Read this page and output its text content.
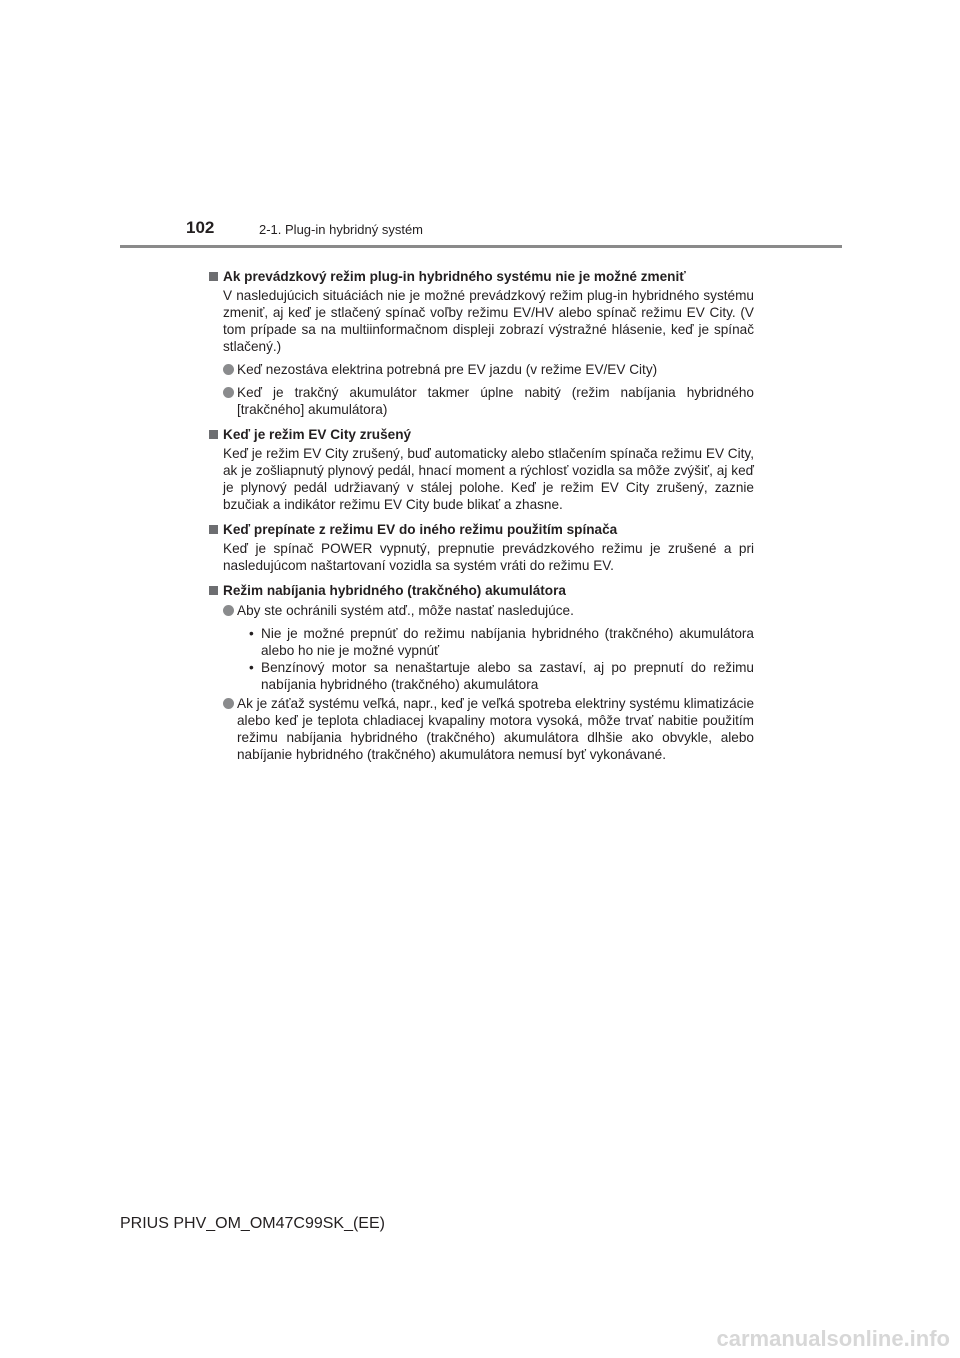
102	2-1. Plug-in hybridný systém
Ak prevádzkový režim plug-in hybridného systému nie je možné zmeniť
V nasledujúcich situáciách nie je možné prevádzkový režim plug-in hybridného systému zmeniť, aj keď je stlačený spínač voľby režimu EV/HV alebo spínač režimu EV City. (V tom prípade sa na multiinformačnom displeji zobrazí výstražné hlásenie, keď je spínač stlačený.)
Keď nezostáva elektrina potrebná pre EV jazdu (v režime EV/EV City)
Keď je trakčný akumulátor takmer úplne nabitý (režim nabíjania hybridného [trakčného] akumulátora)
Keď je režim EV City zrušený
Keď je režim EV City zrušený, buď automaticky alebo stlačením spínača režimu EV City, ak je zošliapnutý plynový pedál, hnací moment a rýchlosť vozidla sa môže zvýšiť, aj keď je plynový pedál udržiavaný v stálej polohe. Keď je režim EV City zrušený, zaznie bzučiak a indikátor režimu EV City bude blikať a zhasne.
Keď prepínate z režimu EV do iného režimu použitím spínača
Keď je spínač POWER vypnutý, prepnutie prevádzkového režimu je zrušené a pri nasledujúcom naštartovaní vozidla sa systém vráti do režimu EV.
Režim nabíjania hybridného (trakčného) akumulátora
Aby ste ochránili systém atď., môže nastať nasledujúce.
• Nie je možné prepnúť do režimu nabíjania hybridného (trakčného) akumulátora alebo ho nie je možné vypnúť
• Benzínový motor sa nenaštartuje alebo sa zastaví, aj po prepnutí do režimu nabíjania hybridného (trakčného) akumulátora
Ak je záťaž systému veľká, napr., keď je veľká spotreba elektriny systému klimatizácie alebo keď je teplota chladiacej kvapaliny motora vysoká, môže trvať nabitie použitím režimu nabíjania hybridného (trakčného) akumulátora dlhšie ako obvykle, alebo nabíjanie hybridného (trakčného) akumulátora nemusí byť vykonávané.
PRIUS PHV_OM_OM47C99SK_(EE)
carmanualsonline.info
